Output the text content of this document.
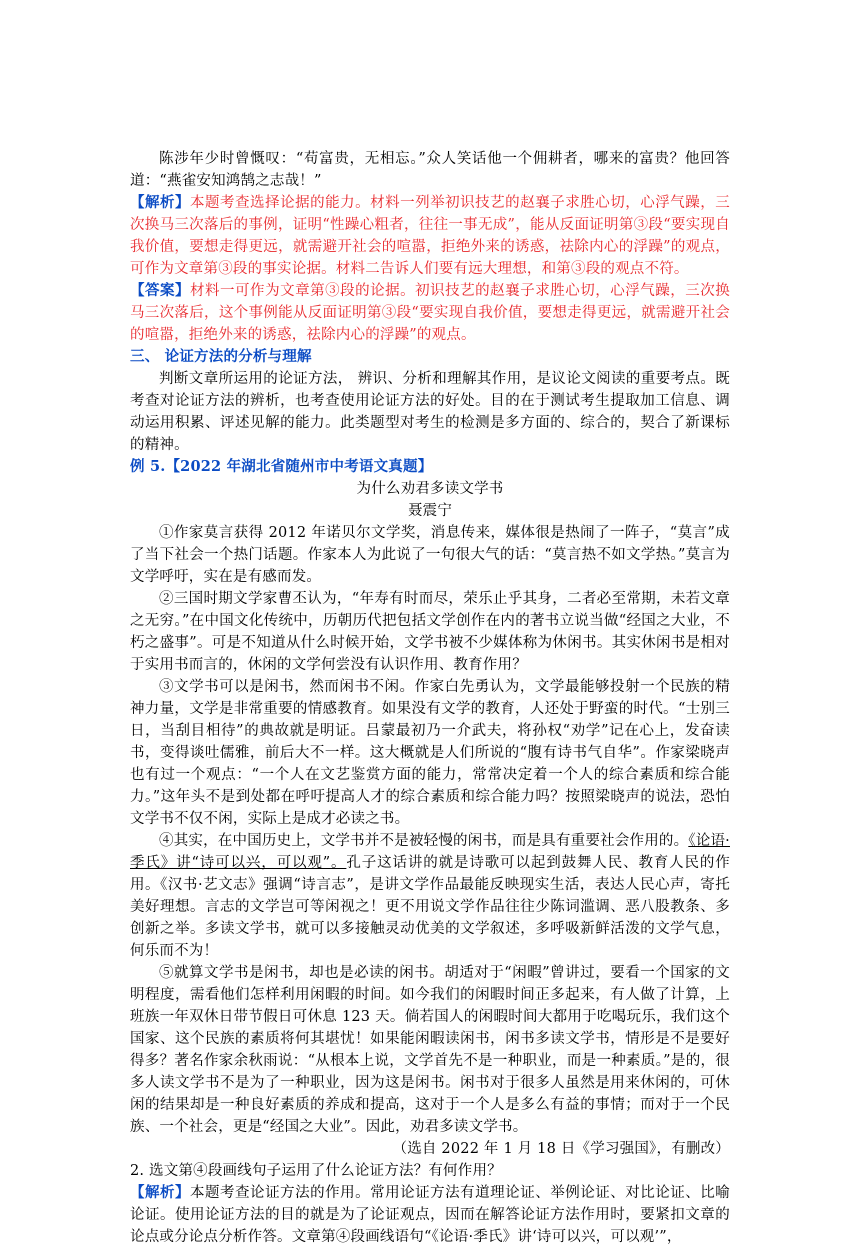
陈涉年少时曾慨叹：“苟富贵，无相忘。”众人笑话他一个佣耕者，哪来的富贵？他回答道：“燕雀安知鸿鹄之志哉！”

【解析】本题考查选择论据的能力。材料一列举初识技艺的赵襄子求胜心切，心浮气躁，三次换马三次落后的事例，证明“性躁心粗者，往往一事无成”，能从反面证明第③段“要实现自我价值，要想走得更远，就需避开社会的喧嚣，拒绝外来的诱惑，祛除内心的浮躁”的观点，可作为文章第③段的事实论据。材料二告诉人们要有远大理想，和第③段的观点不符。

【答案】材料一可作为文章第③段的论据。初识技艺的赵襄子求胜心切，心浮气躁，三次换马三次落后，这个事例能从反面证明第③段“要实现自我价值，要想走得更远，就需避开社会的喧嚣，拒绝外来的诱惑，祛除内心的浮躁”的观点。

三、 论证方法的分析与理解

判断文章所运用的论证方法， 辨识、分析和理解其作用，是议论文阅读的重要考点。既考查对论证方法的辨析，也考查使用论证方法的好处。目的在于测试考生提取加工信息、调动运用积累、评述见解的能力。此类题型对考生的检测是多方面的、综合的，契合了新课标的精神。

例 5.【2022 年湖北省随州市中考语文真题】

为什么劝君多读文学书

聂震宁

①作家莫言获得 2012 年诺贝尔文学奖，消息传来，媒体很是热闹了一阵子，“莫言”成了当下社会一个热门话题。作家本人为此说了一句很大气的话：“莫言热不如文学热。”莫言为文学呼吁，实在是有感而发。

②三国时期文学家曹丕认为，“年寿有时而尽，荣乐止乎其身，二者必至常期，未若文章之无穷。”在中国文化传统中，历朝历代把包括文学创作在内的著书立说当做“经国之大业，不朽之盛事”。可是不知道从什么时候开始，文学书被不少媒体称为休闲书。其实休闲书是相对于实用书而言的，休闲的文学何尝没有认识作用、教育作用？

③文学书可以是闲书，然而闲书不闲。作家白先勇认为，文学最能够投射一个民族的精神力量，文学是非常重要的情感教育。如果没有文学的教育，人还处于野蛮的时代。“士别三日，当刮目相待”的典故就是明证。吕蒙最初乃一介武夫，将孙权“劝学”记在心上，发奋读书，变得谈吐儒雅，前后大不一样。这大概就是人们所说的“腹有诗书气自华”。作家梁晓声也有过一个观点：“一个人在文艺鉴赏方面的能力，常常决定着一个人的综合素质和综合能力。”这年头不是到处都在呼吁提高人才的综合素质和综合能力吗？按照梁晓声的说法，恐怕文学书不仅不闲，实际上是成才必读之书。

④其实，在中国历史上，文学书并不是被轻慢的闲书，而是具有重要社会作用的。《论语·季氏》讲“诗可以兴，可以观”。孔子这话讲的就是诗歌可以起到鼓舞人民、教育人民的作用。《汉书·艺文志》强调“诗言志”，是讲文学作品最能反映现实生活，表达人民心声，寄托美好理想。言志的文学岂可等闲视之！更不用说文学作品往往少陈词滥调、恶八股教条、多创新之举。多读文学书，就可以多接触灵动优美的文学叙述，多呼吸新鲜活泼的文学气息，何乐而不为！

⑤就算文学书是闲书，却也是必读的闲书。胡适对于“闲暇”曾讲过，要看一个国家的文明程度，需看他们怎样利用闲暇的时间。如今我们的闲暇时间正多起来，有人做了计算，上班族一年双休日带节假日可休息 123 天。倘若国人的闲暇时间大都用于吃喝玩乐，我们这个国家、这个民族的素质将何其堪忧！如果能闲暇读闲书，闲书多读文学书，情形是不是要好得多？著名作家余秋雨说：“从根本上说，文学首先不是一种职业，而是一种素质。”是的，很多人读文学书不是为了一种职业，因为这是闲书。闲书对于很多人虽然是用来休闲的，可休闲的结果却是一种良好素质的养成和提高，这对于一个人是多么有益的事情；而对于一个民族、一个社会，更是“经国之大业”。因此，劝君多读文学书。

（选自 2022 年 1 月 18 日《学习强国》，有删改）

2. 选文第④段画线句子运用了什么论证方法？有何作用？

【解析】本题考查论证方法的作用。常用论证方法有道理论证、举例论证、对比论证、比喻论证。使用论证方法的目的就是为了论证观点，因而在解答论证方法作用时，要紧扣文章的论点或分论点分析作答。文章第④段画线语句“《论语·季氏》讲‘诗可以兴，可以观’”，
